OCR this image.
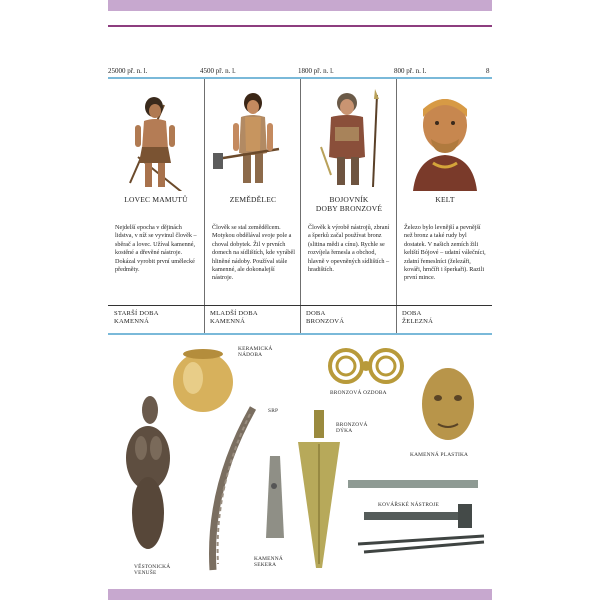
25000 př. n. l.	4500 př. n. l.	1800 př. n. l.	800 př. n. l.	8
LOVEC MAMUTŮ
Nejdelší epocha v dějinách lidstva, v níž se vyvinul člověk – sběrač a lovec. Užíval kamenné, kostěné a dřevěné nástroje. Dokázal vyrobit první umělecké předměty.
ZEMĚDĚLEC
Člověk se stal zemědělcem. Motykou obdělával svoje pole a choval dobytek. Žil v prvních domech na sídlištích, kde vyráběl hliněné nádoby. Používal stále kamenné, ale dokonalejší nástroje.
BOJOVNÍK
DOBY BRONZOVÉ
Člověk k výrobě nástrojů, zbraní a šperků začal používat bronz (slitina mědi a cínu). Rychle se rozvíjela řemesla a obchod, hlavně v opevněných sídlištích – hradištích.
KELT
Železo bylo levnější a pevnější než bronz a také rudy byl dostatek. V našich zemích žili keltští Bójové – udatní válečníci, zdatní řemeslníci (železáři, kováři, hrnčíři i šperkaři). Razili první mince.
STARŠÍ DOBA
KAMENNÁ
MLADŠÍ DOBA
KAMENNÁ
DOBA
BRONZOVÁ
DOBA
ŽELEZNÁ
KERAMICKÁ
NÁDOBA
SRP
BRONZOVÁ OZDOBA
BRONZOVÁ
DÝKA
KAMENNÁ PLASTIKA
KOVÁŘSKÉ NÁSTROJE
VĚSTONICKÁ
VENUŠE
KAMENNÁ
SEKERA
